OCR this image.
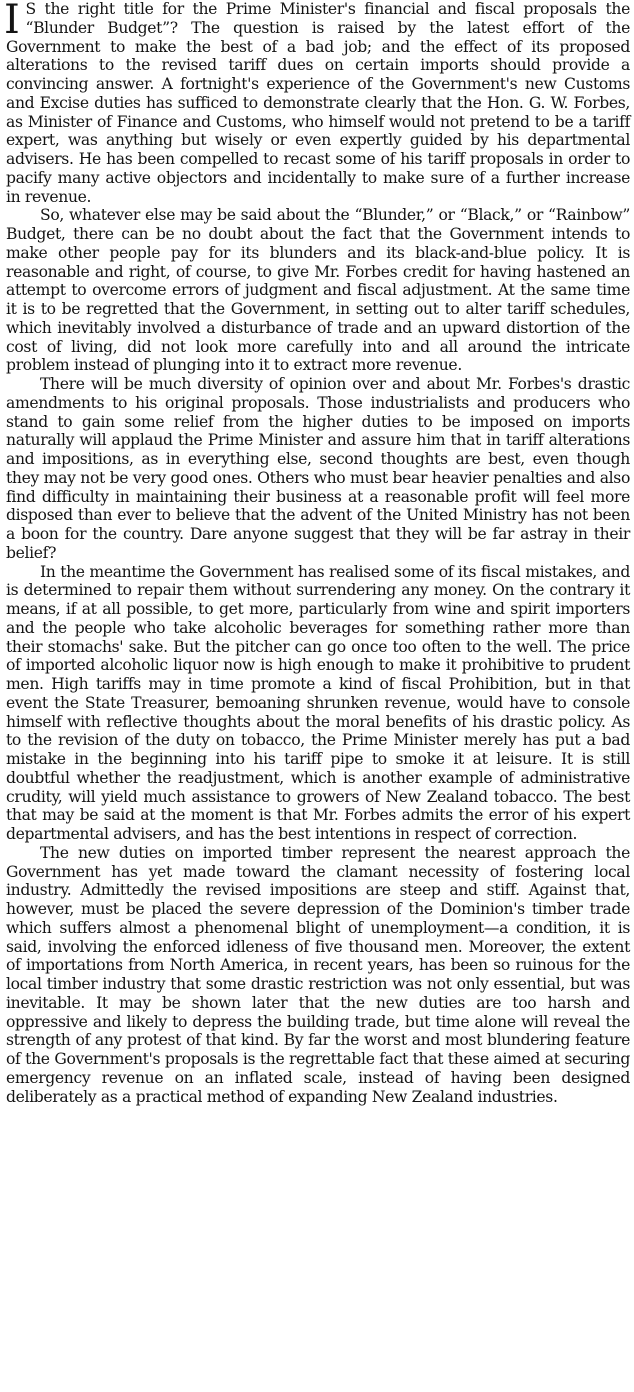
I S the right title for the Prime Minister's financial and fiscal proposals the “Blunder Budget”? The question is raised by the latest effort of the Government to make the best of a bad job; and the effect of its proposed alterations to the revised tariff dues on certain imports should provide a convincing answer. A fortnight's experience of the Government's new Customs and Excise duties has sufficed to demonstrate clearly that the Hon. G. W. Forbes, as Minister of Finance and Customs, who himself would not pretend to be a tariff expert, was anything but wisely or even expertly guided by his departmental advisers. He has been compelled to recast some of his tariff proposals in order to pacify many active objectors and incidentally to make sure of a further increase in revenue.

So, whatever else may be said about the “Blunder,” or “Black,” or “Rainbow” Budget, there can be no doubt about the fact that the Government intends to make other people pay for its blunders and its black-and-blue policy. It is reasonable and right, of course, to give Mr. Forbes credit for having hastened an attempt to overcome errors of judgment and fiscal adjustment. At the same time it is to be regretted that the Government, in setting out to alter tariff schedules, which inevitably involved a disturbance of trade and an upward distortion of the cost of living, did not look more carefully into and all around the intricate problem instead of plunging into it to extract more revenue.

There will be much diversity of opinion over and about Mr. Forbes's drastic amendments to his original proposals. Those industrialists and producers who stand to gain some relief from the higher duties to be imposed on imports naturally will applaud the Prime Minister and assure him that in tariff alterations and impositions, as in everything else, second thoughts are best, even though they may not be very good ones. Others who must bear heavier penalties and also find difficulty in maintaining their business at a reasonable profit will feel more disposed than ever to believe that the advent of the United Ministry has not been a boon for the country. Dare anyone suggest that they will be far astray in their belief?

In the meantime the Government has realised some of its fiscal mistakes, and is determined to repair them without surrendering any money. On the contrary it means, if at all possible, to get more, particularly from wine and spirit importers and the people who take alcoholic beverages for something rather more than their stomachs' sake. But the pitcher can go once too often to the well. The price of imported alcoholic liquor now is high enough to make it prohibitive to prudent men. High tariffs may in time promote a kind of fiscal Prohibition, but in that event the State Treasurer, bemoaning shrunken revenue, would have to console himself with reflective thoughts about the moral benefits of his drastic policy. As to the revision of the duty on tobacco, the Prime Minister merely has put a bad mistake in the beginning into his tariff pipe to smoke it at leisure. It is still doubtful whether the readjustment, which is another example of administrative crudity, will yield much assistance to growers of New Zealand tobacco. The best that may be said at the moment is that Mr. Forbes admits the error of his expert departmental advisers, and has the best intentions in respect of correction.

The new duties on imported timber represent the nearest approach the Government has yet made toward the clamant necessity of fostering local industry. Admittedly the revised impositions are steep and stiff. Against that, however, must be placed the severe depression of the Dominion's timber trade which suffers almost a phenomenal blight of unemployment—a condition, it is said, involving the enforced idleness of five thousand men. Moreover, the extent of importations from North America, in recent years, has been so ruinous for the local timber industry that some drastic restriction was not only essential, but was inevitable. It may be shown later that the new duties are too harsh and oppressive and likely to depress the building trade, but time alone will reveal the strength of any protest of that kind. By far the worst and most blundering feature of the Government's proposals is the regrettable fact that these aimed at securing emergency revenue on an inflated scale, instead of having been designed deliberately as a practical method of expanding New Zealand industries.
